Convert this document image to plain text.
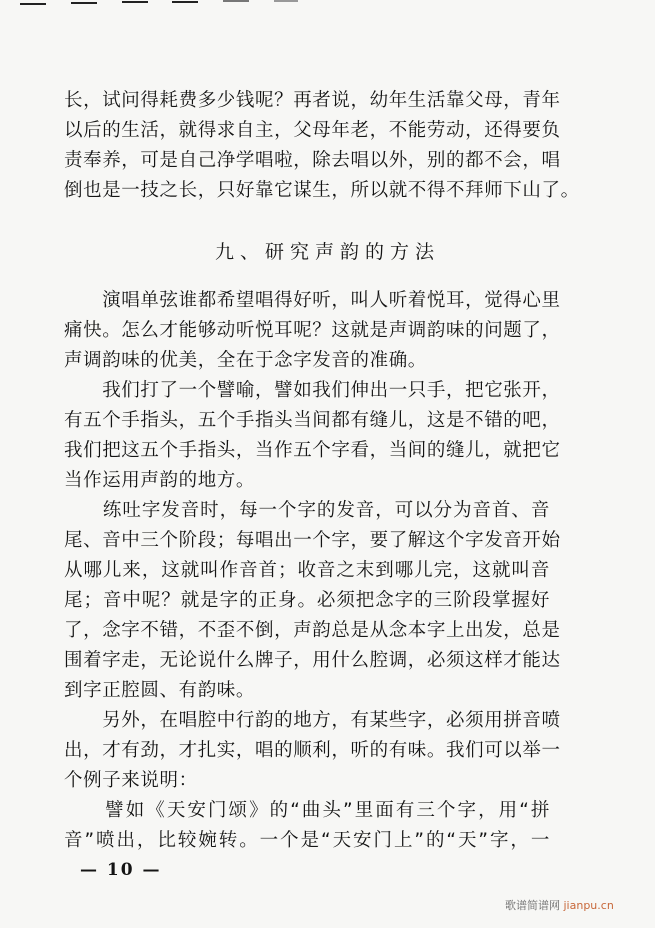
长，试问得耗费多少钱呢？再者说，幼年生活靠父母，青年
以后的生活，就得求自主，父母年老，不能劳动，还得要负
责奉养，可是自己净学唱啦，除去唱以外，别的都不会，唱
倒也是一技之长，只好靠它谋生，所以就不得不拜师下山了。
九、研究声韵的方法
　　演唱单弦谁都希望唱得好听，叫人听着悦耳，觉得心里
痛快。怎么才能够动听悦耳呢？这就是声调韵味的问题了，
声调韵味的优美，全在于念字发音的准确。
　　我们打了一个譬喻，譬如我们伸出一只手，把它张开，
有五个手指头，五个手指头当间都有缝儿，这是不错的吧，
我们把这五个手指头，当作五个字看，当间的缝儿，就把它
当作运用声韵的地方。
　　练吐字发音时，每一个字的发音，可以分为音首、音
尾、音中三个阶段；每唱出一个字，要了解这个字发音开始
从哪儿来，这就叫作音首；收音之末到哪儿完，这就叫音
尾；音中呢？就是字的正身。必须把念字的三阶段掌握好
了，念字不错，不歪不倒，声韵总是从念本字上出发，总是
围着字走，无论说什么牌子，用什么腔调，必须这样才能达
到字正腔圆、有韵味。
　　另外，在唱腔中行韵的地方，有某些字，必须用拼音喷
出，才有劲，才扎实，唱的顺利，听的有味。我们可以举一
个例子来说明：
　　譬如《天安门颂》的“曲头”里面有三个字，用“拼
音”喷出，比较婉转。一个是“天安门上”的“天”字，一
— 10 —
歌谱简谱网 jianpu.cn
